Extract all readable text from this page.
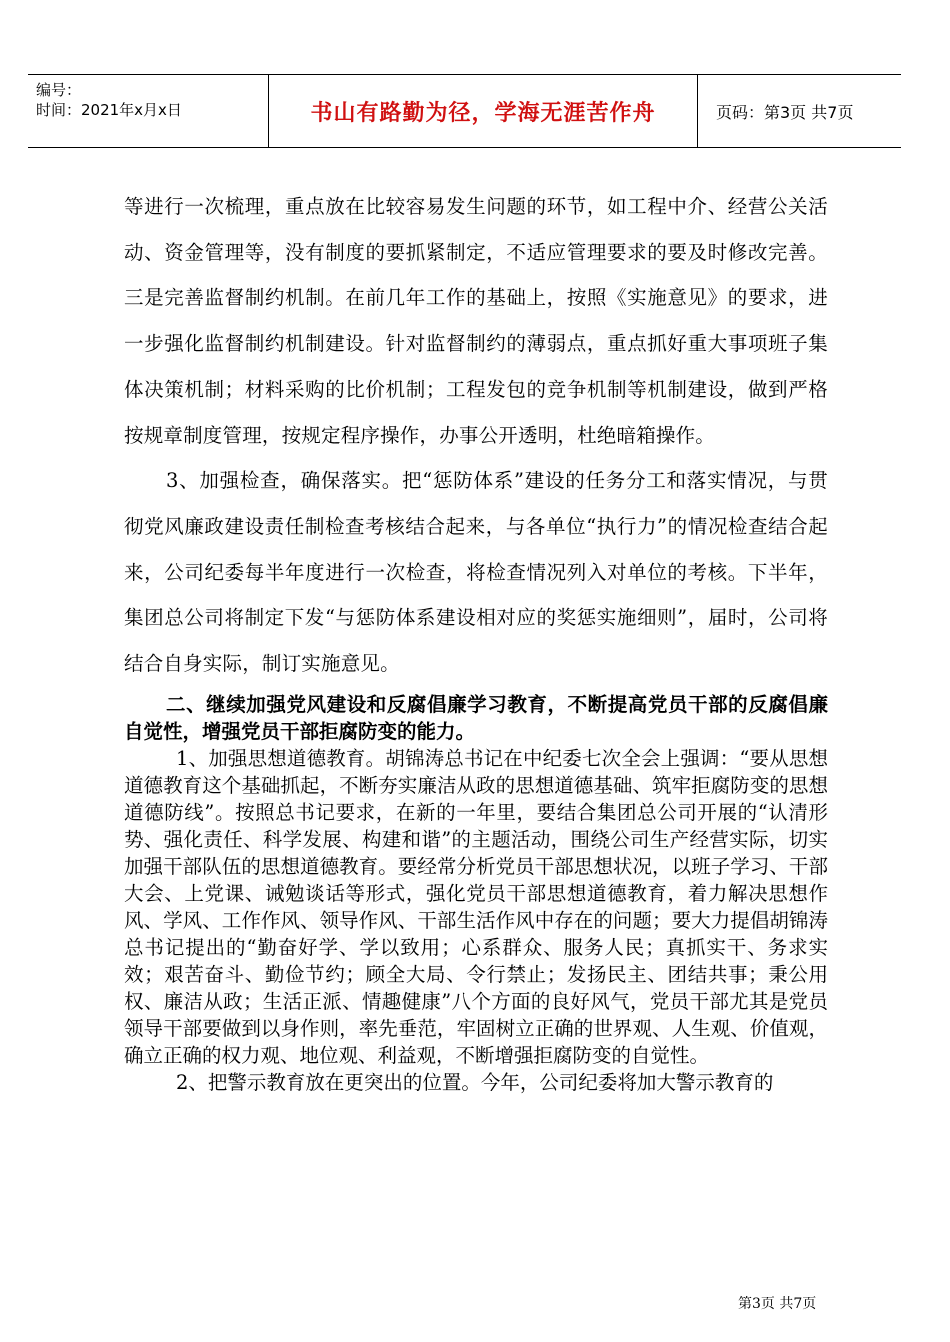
编号：
时间：2021年x月x日	书山有路勤为径，学海无涯苦作舟	页码：第3页 共7页

等进行一次梳理，重点放在比较容易发生问题的环节，如工程中介、经营公关活动、资金管理等，没有制度的要抓紧制定，不适应管理要求的要及时修改完善。三是完善监督制约机制。在前几年工作的基础上，按照《实施意见》的要求，进一步强化监督制约机制建设。针对监督制约的薄弱点，重点抓好重大事项班子集体决策机制；材料采购的比价机制；工程发包的竞争机制等机制建设，做到严格按规章制度管理，按规定程序操作，办事公开透明，杜绝暗箱操作。

3、加强检查，确保落实。把“惩防体系”建设的任务分工和落实情况，与贯彻党风廉政建设责任制检查考核结合起来，与各单位“执行力”的情况检查结合起来，公司纪委每半年度进行一次检查，将检查情况列入对单位的考核。下半年，集团总公司将制定下发“与惩防体系建设相对应的奖惩实施细则”，届时，公司将结合自身实际，制订实施意见。

二、继续加强党风建设和反腐倡廉学习教育，不断提高党员干部的反腐倡廉自觉性，增强党员干部拒腐防变的能力。

1、加强思想道德教育。胡锦涛总书记在中纪委七次全会上强调：“要从思想道德教育这个基础抓起，不断夯实廉洁从政的思想道德基础、筑牢拒腐防变的思想道德防线”。按照总书记要求，在新的一年里，要结合集团总公司开展的“认清形势、强化责任、科学发展、构建和谐”的主题活动，围绕公司生产经营实际，切实加强干部队伍的思想道德教育。要经常分析党员干部思想状况，以班子学习、干部大会、上党课、诫勉谈话等形式，强化党员干部思想道德教育，着力解决思想作风、学风、工作作风、领导作风、干部生活作风中存在的问题；要大力提倡胡锦涛总书记提出的“勤奋好学、学以致用；心系群众、服务人民；真抓实干、务求实效；艰苦奋斗、勤俭节约；顾全大局、令行禁止；发扬民主、团结共事；秉公用权、廉洁从政；生活正派、情趣健康”八个方面的良好风气，党员干部尤其是党员领导干部要做到以身作则，率先垂范，牢固树立正确的世界观、人生观、价值观，确立正确的权力观、地位观、利益观，不断增强拒腐防变的自觉性。

2、把警示教育放在更突出的位置。今年，公司纪委将加大警示教育的

第3页 共7页
